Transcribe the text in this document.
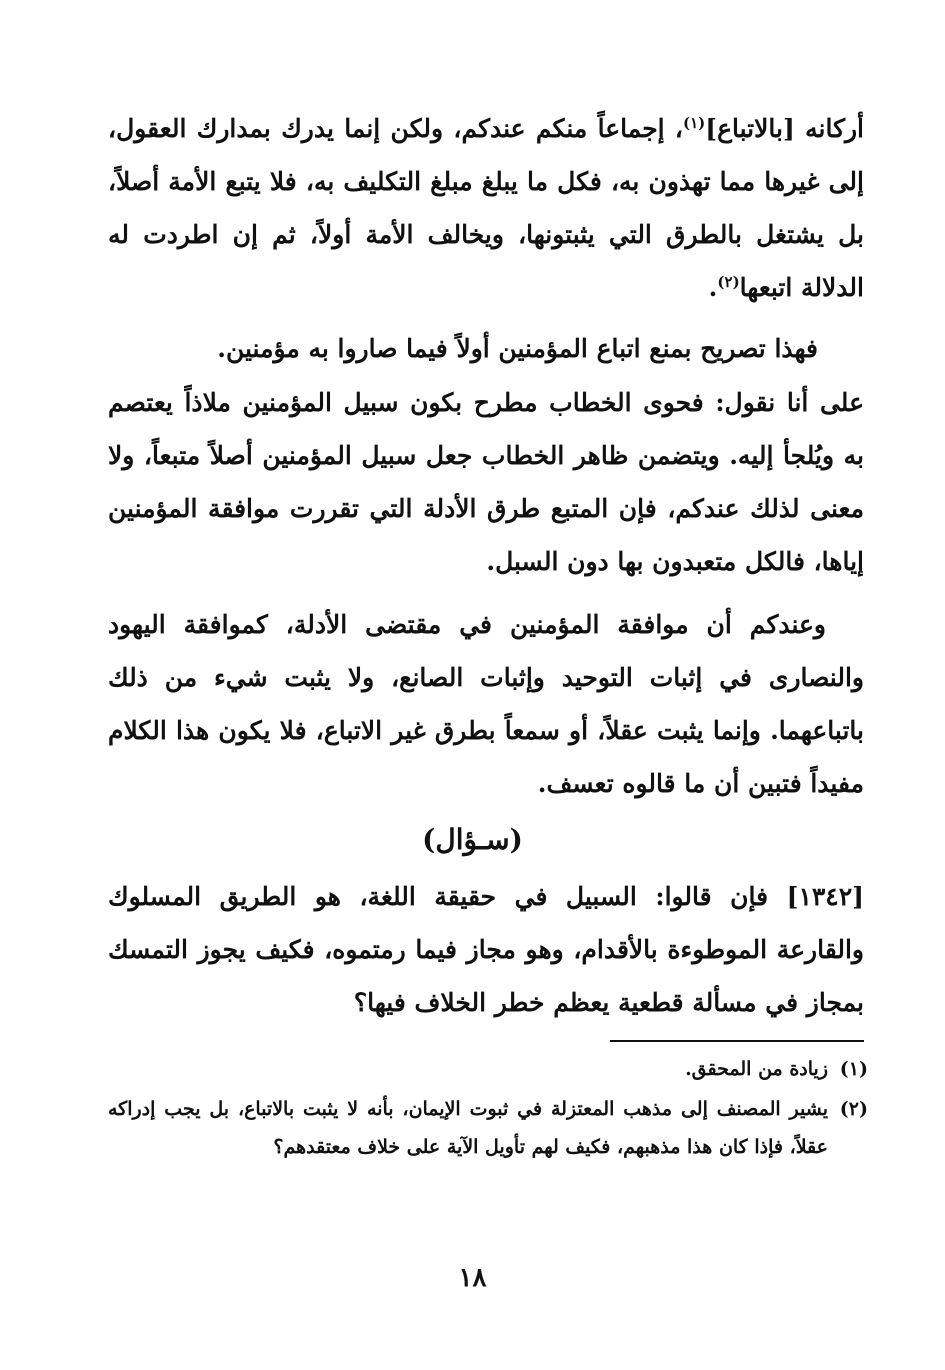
أركانه [بالاتباع]$^{(١)}$، إجماعاً منكم عندكم، ولكن إنما يدرك بمدارك العقول، إلى غيرها مما تهذون به، فكل ما يبلغ مبلغ التكليف به، فلا يتبع الأمة أصلاً، بل يشتغل بالطرق التي يثبتونها، ويخالف الأمة أولاً، ثم إن اطردت له الدلالة اتبعها$^{(٢)}$.

فهذا تصريح بمنع اتباع المؤمنين أولاً فيما صاروا به مؤمنين.

على أنا نقول: فحوى الخطاب مطرح بكون سبيل المؤمنين ملاذاً يعتصم به ويُلجأ إليه. ويتضمن ظاهر الخطاب جعل سبيل المؤمنين أصلاً متبعاً، ولا معنى لذلك عندكم، فإن المتبع طرق الأدلة التي تقررت موافقة المؤمنين إياها، فالكل متعبدون بها دون السبل.

وعندكم أن موافقة المؤمنين في مقتضى الأدلة، كموافقة اليهود والنصارى في إثبات التوحيد وإثبات الصانع، ولا يثبت شيء من ذلك باتباعهما. وإنما يثبت عقلاً، أو سمعاً بطرق غير الاتباع، فلا يكون هذا الكلام مفيداً فتبين أن ما قالوه تعسف.

(سـؤال)

[١٣٤٢] فإن قالوا: السبيل في حقيقة اللغة، هو الطريق المسلوك والقارعة الموطوءة بالأقدام، وهو مجاز فيما رمتموه، فكيف يجوز التمسك بمجاز في مسألة قطعية يعظم خطر الخلاف فيها؟

(١)
زيادة من المحقق.
(٢)
يشير المصنف إلى مذهب المعتزلة في ثبوت الإيمان، بأنه لا يثبت بالاتباع، بل يجب إدراكه عقلاً، فإذا كان هذا مذهبهم، فكيف لهم تأويل الآية على خلاف معتقدهم؟
١٨
